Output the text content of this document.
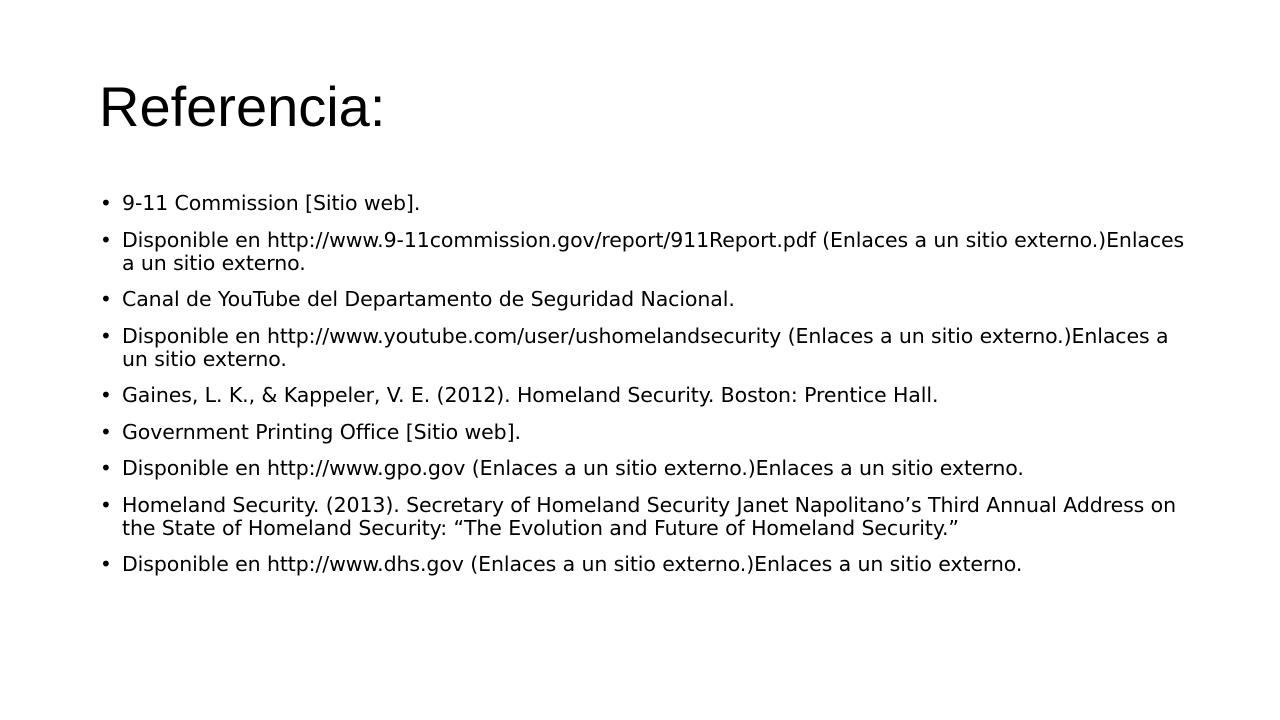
Referencia:
• 9-11 Commission [Sitio web].
• Disponible en http://www.9-11commission.gov/report/911Report.pdf (Enlaces a un sitio externo.)Enlaces a un sitio externo.
• Canal de YouTube del Departamento de Seguridad Nacional.
• Disponible en http://www.youtube.com/user/ushomelandsecurity (Enlaces a un sitio externo.)Enlaces a un sitio externo.
• Gaines, L. K., & Kappeler, V. E. (2012). Homeland Security. Boston: Prentice Hall.
• Government Printing Office [Sitio web].
• Disponible en http://www.gpo.gov (Enlaces a un sitio externo.)Enlaces a un sitio externo.
• Homeland Security. (2013). Secretary of Homeland Security Janet Napolitano’s Third Annual Address on the State of Homeland Security: “The Evolution and Future of Homeland Security.”
• Disponible en http://www.dhs.gov (Enlaces a un sitio externo.)Enlaces a un sitio externo.
